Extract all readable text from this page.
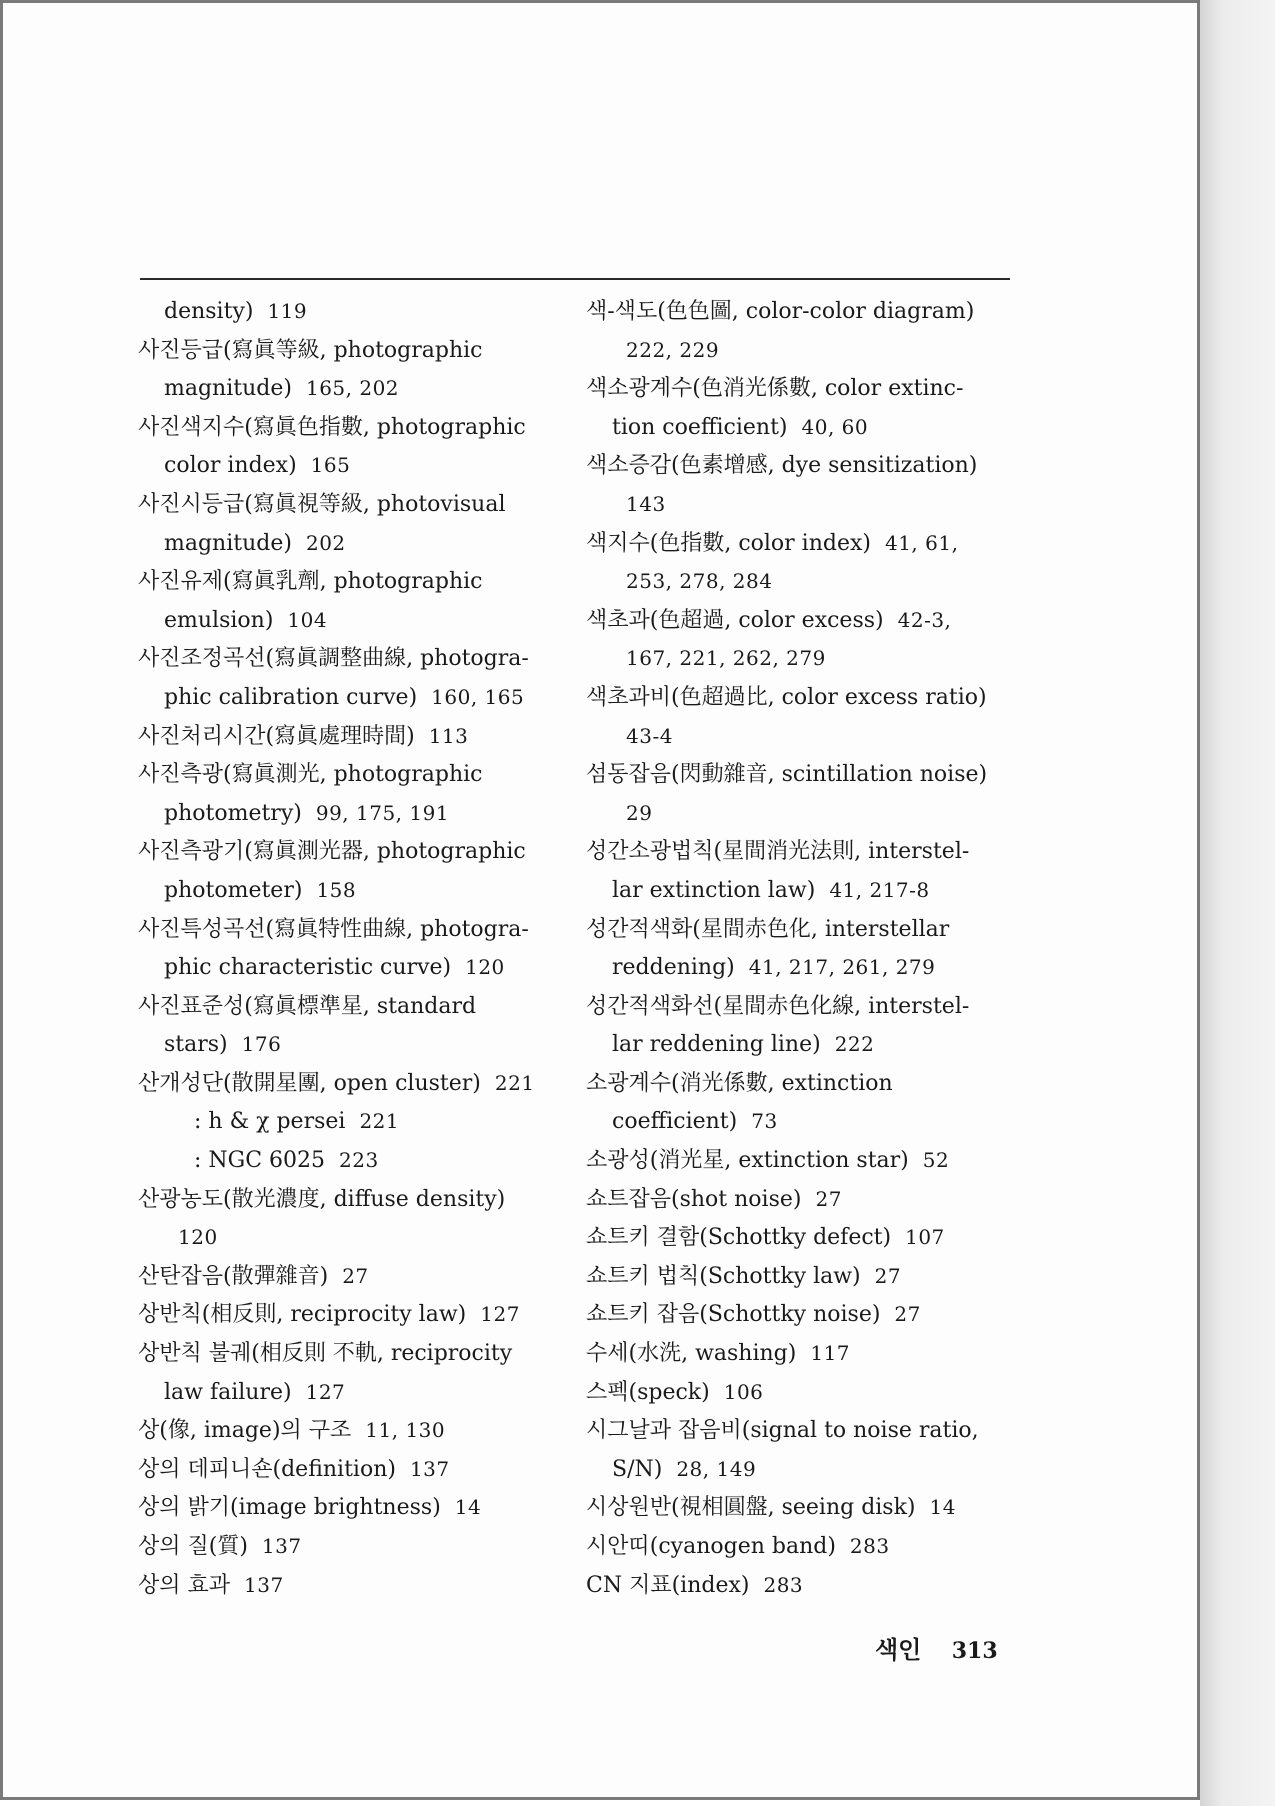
density) 119
사진등급(寫眞等級, photographic
magnitude) 165, 202
사진색지수(寫眞色指數, photographic
color index) 165
사진시등급(寫眞視等級, photovisual
magnitude) 202
사진유제(寫眞乳劑, photographic
emulsion) 104
사진조정곡선(寫眞調整曲線, photogra-
phic calibration curve) 160, 165
사진처리시간(寫眞處理時間) 113
사진측광(寫眞測光, photographic
photometry) 99, 175, 191
사진측광기(寫眞測光器, photographic
photometer) 158
사진특성곡선(寫眞特性曲線, photogra-
phic characteristic curve) 120
사진표준성(寫眞標準星, standard
stars) 176
산개성단(散開星團, open cluster) 221
: h & χ persei 221
: NGC 6025 223
산광농도(散光濃度, diffuse density)
120
산탄잡음(散彈雜音) 27
상반칙(相反則, reciprocity law) 127
상반칙 불궤(相反則 不軌, reciprocity
law failure) 127
상(像, image)의 구조 11, 130
상의 데피니숀(definition) 137
상의 밝기(image brightness) 14
상의 질(質) 137
상의 효과 137
색-색도(色色圖, color-color diagram)
222, 229
색소광계수(色消光係數, color extinc-
tion coefficient) 40, 60
색소증감(色素增感, dye sensitization)
143
색지수(色指數, color index) 41, 61,
253, 278, 284
색초과(色超過, color excess) 42-3,
167, 221, 262, 279
색초과비(色超過比, color excess ratio)
43-4
섬동잡음(閃動雜音, scintillation noise)
29
성간소광법칙(星間消光法則, interstel-
lar extinction law) 41, 217-8
성간적색화(星間赤色化, interstellar
reddening) 41, 217, 261, 279
성간적색화선(星間赤色化線, interstel-
lar reddening line) 222
소광계수(消光係數, extinction
coefficient) 73
소광성(消光星, extinction star) 52
쇼트잡음(shot noise) 27
쇼트키 결함(Schottky defect) 107
쇼트키 법칙(Schottky law) 27
쇼트키 잡음(Schottky noise) 27
수세(水洗, washing) 117
스펙(speck) 106
시그날과 잡음비(signal to noise ratio,
S/N) 28, 149
시상원반(視相圓盤, seeing disk) 14
시안띠(cyanogen band) 283
CN 지표(index) 283
색인 313
